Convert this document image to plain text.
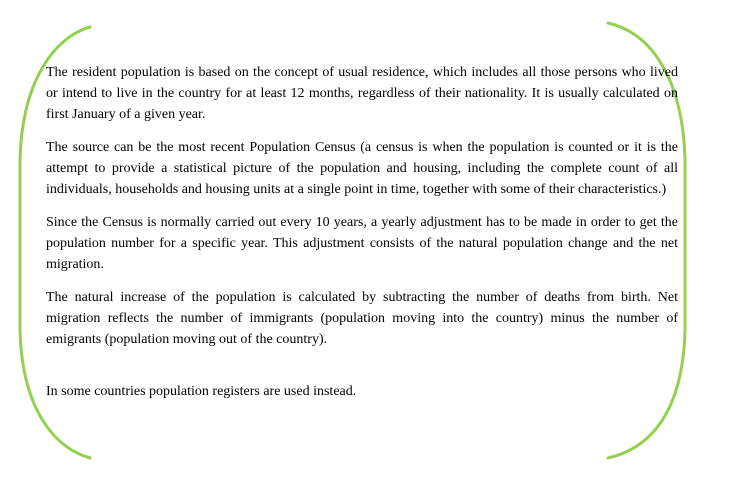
The resident population is based on the concept of usual residence, which includes all those persons who lived or intend to live in the country for at least 12 months, regardless of their nationality. It is usually calculated on first January of a given year.

The source can be the most recent Population Census (a census is when the population is counted or it is the attempt to provide a statistical picture of the population and housing, including the complete count of all individuals, households and housing units at a single point in time, together with some of their characteristics.)

Since the Census is normally carried out every 10 years, a yearly adjustment has to be made in order to get the population number for a specific year. This adjustment consists of the natural population change and the net migration.

The natural increase of the population is calculated by subtracting the number of deaths from birth. Net migration reflects the number of immigrants (population moving into the country) minus the number of emigrants (population moving out of the country).

In some countries population registers are used instead.
